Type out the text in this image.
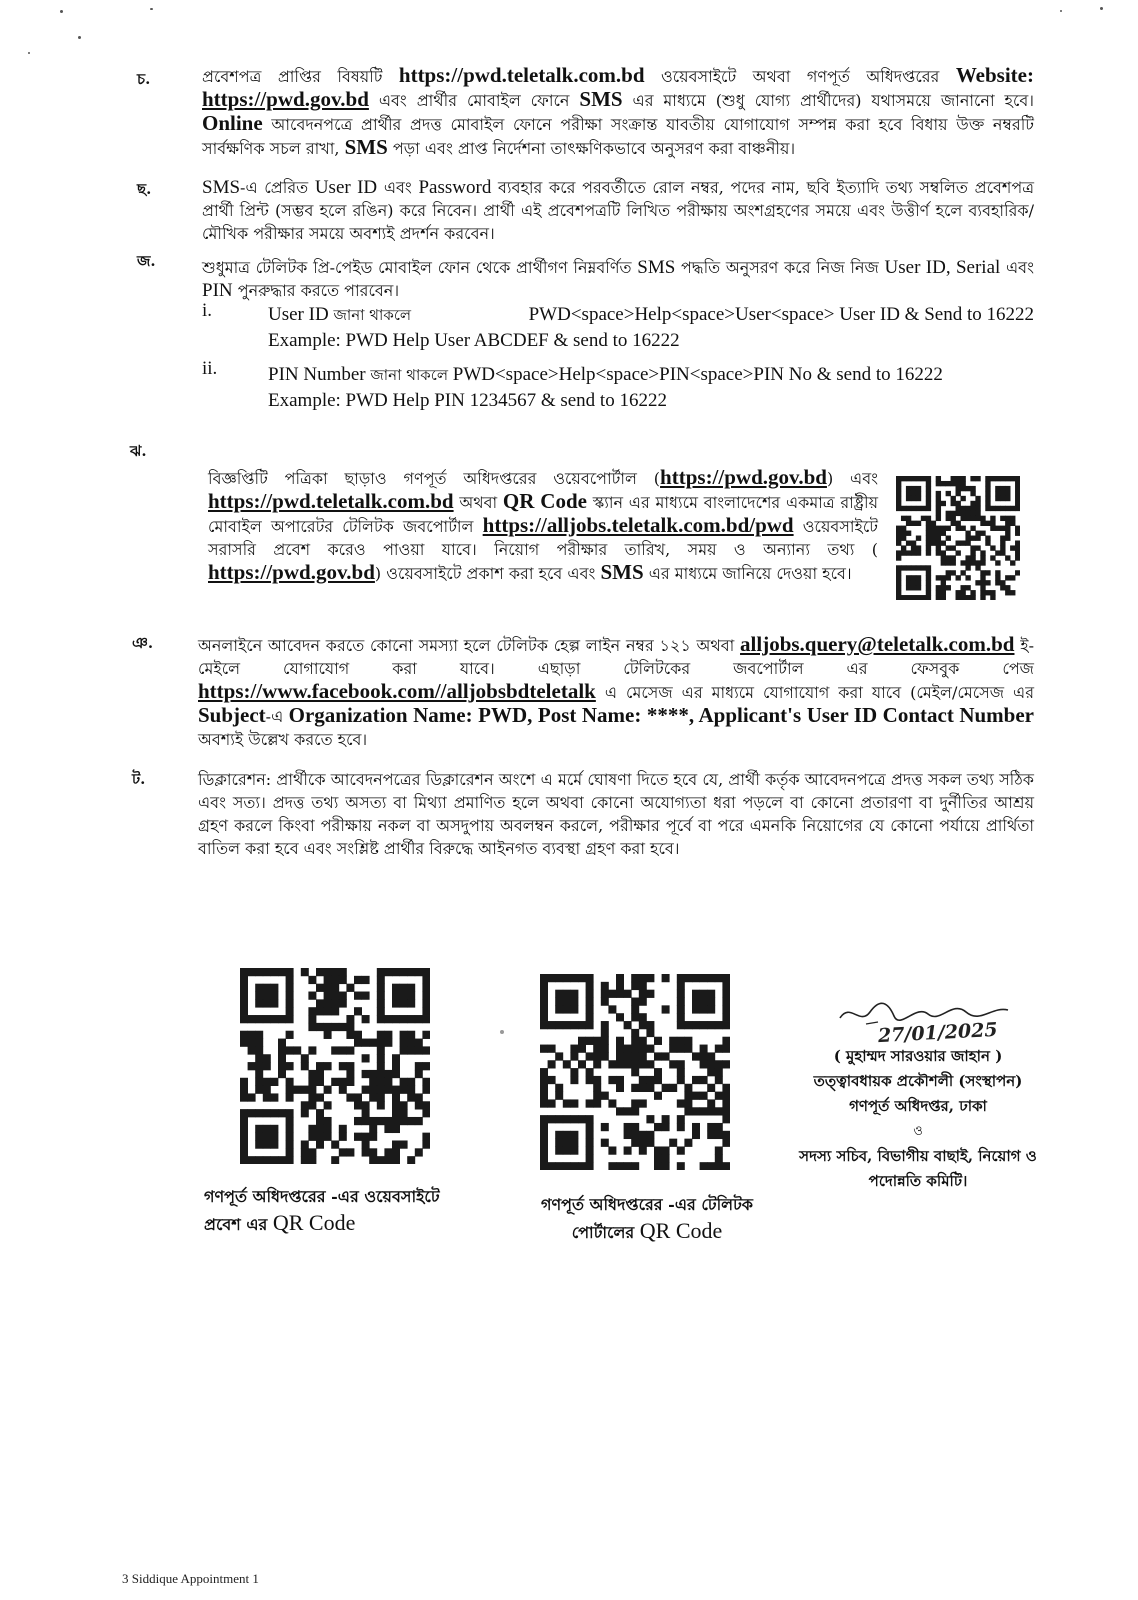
চ.
ছ.
জ.
ঝ.
ঞ.
ট.
প্রবেশপত্র প্রাপ্তির বিষয়টি https://pwd.teletalk.com.bd ওয়েবসাইটে অথবা গণপূর্ত অধিদপ্তরের Website: https://pwd.gov.bd এবং প্রার্থীর মোবাইল ফোনে SMS এর মাধ্যমে (শুধু যোগ্য প্রার্থীদের) যথাসময়ে জানানো হবে। Online আবেদনপত্রে প্রার্থীর প্রদত্ত মোবাইল ফোনে পরীক্ষা সংক্রান্ত যাবতীয় যোগাযোগ সম্পন্ন করা হবে বিধায় উক্ত নম্বরটি সার্বক্ষণিক সচল রাখা, SMS পড়া এবং প্রাপ্ত নির্দেশনা তাৎক্ষণিকভাবে অনুসরণ করা বাঞ্চনীয়।
SMS-এ প্রেরিত User ID এবং Password ব্যবহার করে পরবর্তীতে রোল নম্বর, পদের নাম, ছবি ইত্যাদি তথ্য সম্বলিত প্রবেশপত্র প্রার্থী প্রিন্ট (সম্ভব হলে রঙিন) করে নিবেন। প্রার্থী এই প্রবেশপত্রটি লিখিত পরীক্ষায় অংশগ্রহণের সময়ে এবং উত্তীর্ণ হলে ব্যবহারিক/মৌখিক পরীক্ষার সময়ে অবশ্যই প্রদর্শন করবেন।
শুধুমাত্র টেলিটক প্রি-পেইড মোবাইল ফোন থেকে প্রার্থীগণ নিম্নবর্ণিত SMS পদ্ধতি অনুসরণ করে নিজ নিজ User ID, Serial এবং PIN পুনরুদ্ধার করতে পারবেন।
i.	User ID জানা থাকলে	PWD<space>Help<space>User<space> User ID & Send to 16222
Example: PWD Help User ABCDEF & send to 16222
ii.	PIN Number জানা থাকলে PWD<space>Help<space>PIN<space>PIN No & send to 16222
Example: PWD Help PIN 1234567 & send to 16222
বিজ্ঞপ্তিটি পত্রিকা ছাড়াও গণপূর্ত অধিদপ্তরের ওয়েবপোর্টাল (https://pwd.gov.bd) এবং https://pwd.teletalk.com.bd অথবা QR Code স্ক্যান এর মাধ্যমে বাংলাদেশের একমাত্র রাষ্ট্রীয় মোবাইল অপারেটর টেলিটক জবপোর্টাল https://alljobs.teletalk.com.bd/pwd ওয়েবসাইটে সরাসরি প্রবেশ করেও পাওয়া যাবে। নিয়োগ পরীক্ষার তারিখ, সময় ও অন্যান্য তথ্য ( https://pwd.gov.bd) ওয়েবসাইটে প্রকাশ করা হবে এবং SMS এর মাধ্যমে জানিয়ে দেওয়া হবে।
অনলাইনে আবেদন করতে কোনো সমস্যা হলে টেলিটক হেল্প লাইন নম্বর ১২১ অথবা alljobs.query@teletalk.com.bd ই-মেইলে যোগাযোগ করা যাবে। এছাড়া টেলিটকের জবপোর্টাল এর ফেসবুক পেজ https://www.facebook.com//alljobsbdteletalk এ মেসেজ এর মাধ্যমে যোগাযোগ করা যাবে (মেইল/মেসেজ এর Subject-এ Organization Name: PWD, Post Name: ****, Applicant's User ID Contact Number অবশ্যই উল্লেখ করতে হবে।
ডিক্লারেশন: প্রার্থীকে আবেদনপত্রের ডিক্লারেশন অংশে এ মর্মে ঘোষণা দিতে হবে যে, প্রার্থী কর্তৃক আবেদনপত্রে প্রদত্ত সকল তথ্য সঠিক এবং সত্য। প্রদত্ত তথ্য অসত্য বা মিথ্যা প্রমাণিত হলে অথবা কোনো অযোগ্যতা ধরা পড়লে বা কোনো প্রতারণা বা দুর্নীতির আশ্রয় গ্রহণ করলে কিংবা পরীক্ষায় নকল বা অসদুপায় অবলম্বন করলে, পরীক্ষার পূর্বে বা পরে এমনকি নিয়োগের যে কোনো পর্যায়ে প্রার্থিতা বাতিল করা হবে এবং সংশ্লিষ্ট প্রার্থীর বিরুদ্ধে আইনগত ব্যবস্থা গ্রহণ করা হবে।
গণপূর্ত অধিদপ্তরের -এর ওয়েবসাইটে
প্রবেশ এর QR Code
গণপূর্ত অধিদপ্তরের -এর টেলিটক
পোর্টালের QR Code
27/01/2025
( মুহাম্মদ সারওয়ার জাহান )
তত্ত্বাবধায়ক প্রকৌশলী (সংস্থাপন)
গণপূর্ত অধিদপ্তর, ঢাকা
ও
সদস্য সচিব, বিভাগীয় বাছাই, নিয়োগ ও
পদোন্নতি কমিটি।
3 Siddique Appointment 1
